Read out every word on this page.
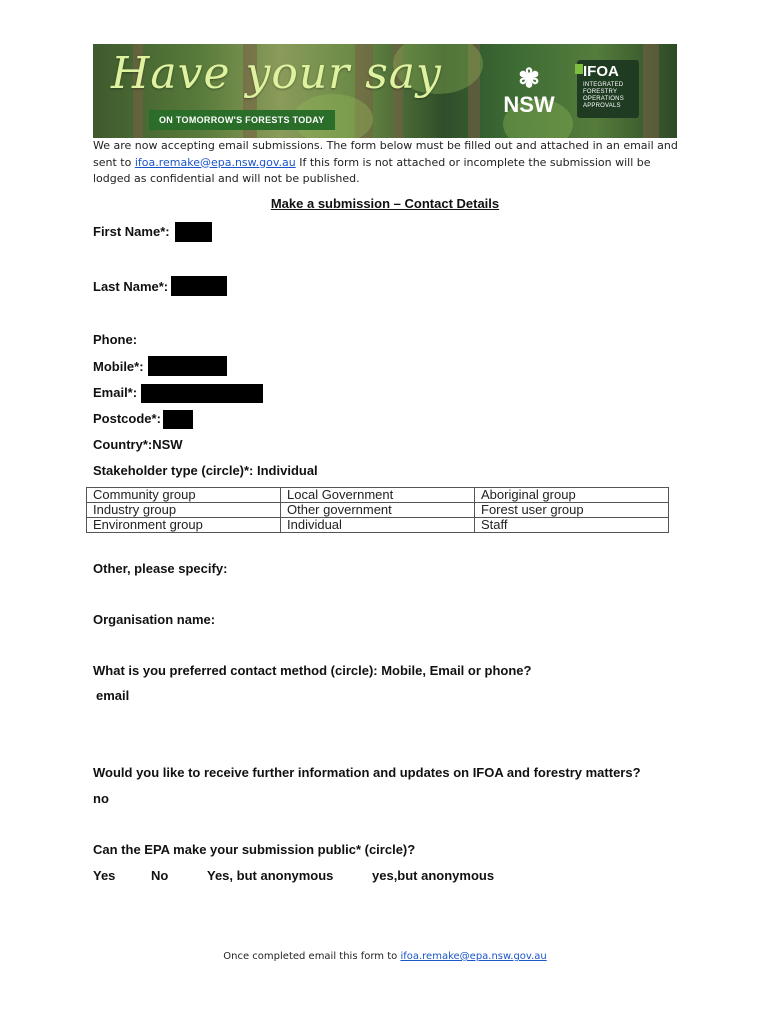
Have your say
ON TOMORROW'S FORESTS TODAY
✾
NSW
IFOA
INTEGRATED FORESTRY OPERATIONS APPROVALS
We are now accepting email submissions. The form below must be filled out and attached in an email and sent to ifoa.remake@epa.nsw.gov.au If this form is not attached or incomplete the submission will be lodged as confidential and will not be published.
Make a submission – Contact Details
First Name*:
Last Name*:
Phone:
Mobile*:
Email*:
Postcode*:
Country*:NSW
Stakeholder type (circle)*: Individual
Community group	Local Government	Aboriginal group
Industry group	Other government	Forest user group
Environment group	Individual	Staff
Other, please specify:
Organisation name:
What is you preferred contact method (circle): Mobile, Email or phone?
email
Would you like to receive further information and updates on IFOA and forestry matters?
no
Can the EPA make your submission public* (circle)?
Yes	No	Yes, but anonymous	yes,but anonymous
Once completed email this form to ifoa.remake@epa.nsw.gov.au
